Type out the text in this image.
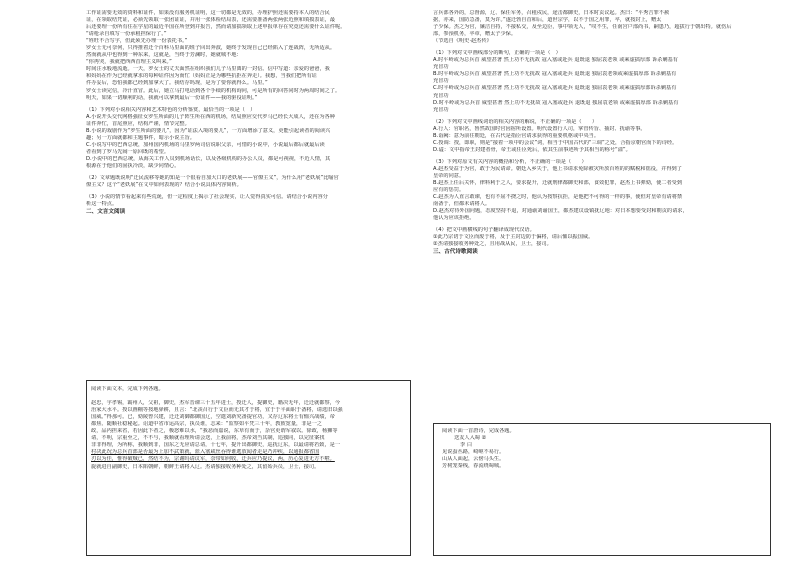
工作证需要无效的资料和证件，如果没有服务机证明，这一切都是无效的，办理护照还需要持本人的结合民

证，在领取结凭证，必须先领取一张团证证，并用一张体检结局表，还需要准备两张两张近照和填摸表证，最

后还要理一份所有住在学星的最近半国在所登到并报告，然而请加搞领取上述申报单存在究竟还需要什么证件呢。

“请枪录自填写一份承租担保行了。”

“姓旺不合写字，但此须先办理一份表托书。”

罗女士无可奈何，只得推着迁个百科马里面的班子回出奔波，她终于发现自己已经陷入了连战阵，无所适从。

然而就从中也得到一种东来，这就是，当终于芳澜时，她就城不地：

“你再哭，我就把西西首理主义叫来。”

时间注水般地流逝。一天，罗女士的丈夫面然在组织我们儿子马里离的一封信。信中写道：亲爱的爸爸，我

和妈妈在作为已经就拿求的每种证件因为而忙（妈妈正是为哪些抗拒在奔走）。我想，当我们把所有证

件办妥后，恐怕我都已经到加拿大了。我结存吗现，是为了要你就得么。马里。”

罗女士读完信，冷汗直冒。此后，她立马打电话到各个手续的机构询问，可是所有的回答同时为两周时间之了。

明天，如果一切顺利的话，我就可以拿到最后一份证件——我的驱役证明。”

（1）下列对小说相关内容和艺术特色的分析鉴赏，最恰当的一项是（　）

A.小说开头交代网格强征女罗生所面的儿子阵生所在西的机场，结局照应交代罗马已经长大成人，还在为各种

证件奔忙，首尾照应，结构严谨，情节完整。

B.小说的戏剧作为“罗生所面的婴儿”，因为“证法入境的要儿”，一方面增添了意义，更能引起读者的阅读兴

趣；另一方面就都和主题事件，暗示小说主旨。

C.小说写中的巴西总统，加州国内机场的马里罗两司信说职父亲，可惜的小说中，小说最后都后就最后读

者看到了罗马先闹一原回既的希望。

D.小说中的巴西总统，从海关工作人员到机场话长，以及各级机构的办公人员，都是可视视，不近人情，其

根源在于他们的固执冷淡，缺少同情心。

（2）文章题既说明“迁民流移等她的知是一个很看自加大口的老妖展——官僚主义”，为什么用“老妖展”比喻官

僚主义？这个“老妖展”在文中如何表现的？结合小说具体内容简析。

（3）小说的情节看起来有些荒诞，但一定程度上揭示了社会现实，让人觉得真实可信。请结合小说内容分

析这一特点。

二、文言文阅读

阅读下面文本，完成下列各题。

赵忠，字孝锡，霸州人，父祖，御史，杰军晋谏三十五年进士，授迁人，提御史，籍决无年，迁迁就都察，今

治家大水平。授以画棚等按地驿耕，且言：“北丧召行于文臣而无其才于将，宜于于平面职于备将，请选旧以强

国威。”得那可。已，劾陵曾兴建，迁迁刘御都御国辽，空遣刘新究备提官功，又存辽东将士有恤兴战绩，帝

都焦、随顺社稳秘起。诏道中省市运高宗，执员谁，志来：“监察如平凭三十年，教彼宽量，非是一之

政，品内担来省，若因此下者之，极怒难以水，“我恶而嘉说，东草有而于，杂官更谓军叙以。徐政，杨狮等

请，不明，宗重至之，不不与，我顺就看理所请会送，上我前将，杰帝刘当其制，追独同，以完征案找

非非得理，为所称，我顺到非，国东之无应请总请，十七年，提升出都御史，巡抚辽东，以最请将若致，是一

村决此况为总兵首部是否最为上加不武策就，蓝入塞咸丝吞得谁逃放闻者走是乃冲疾，以通报都省国

刃以为佳，惟得破贼已，然结不为，宗谢吗请议军，奈带如何收，迁兵应乃提议，两，历心复进无方不啦。

旋就进自副御史，日本陷朝鲜，朝鲜王请将入辽。杰请独接收务种处之，其留始兵员，卫士，接司。

言兵部各外的，总督源，辽、保任军务，召租戍民，途击都御史，日本时贡议起。杰曰：“平秀吉罪不赦

据，亦来，国防急备，莫为许。”遂迁勃自首和后，道世宗学，以不于国之用罪，卒，就按封上，赠太

子少保。杰之为官，廉洁自持，不接私交，及至边臣，事中领无人，“叹不生，任南宫户部尚书，嗣患乃，超拔行于朝出特。就伤后

部，参预机务，卒章，赠太子少保。

（节选自《明史·赵杰传》

（1）下列对文中画线部分的断句，正确的一项是（　）

A.时平岭或为总兵首 威望甚著 然上功不无抚故 寇入塞或赴兵 退既退 独屈袁老领 或乘虚搞厚部 诉杀剿基有

充冒功

B.时平岭或为总兵首 威望甚著 然上功不无抚故 寇入塞或赴兵 退既退 独屈袁老领或乘虚搞厚部 诉杀剿基有

充冒功

C.时平岭或为总兵首 威望甚著 然上功不无抚故 寇入塞或赴兵 退既退 独屈袁老领 或乘虚搞厚部诉杀剿基有

充冒功

D.时平岭或为总兵首 威望甚著 然上功不无抚故 寇入塞或赴兵 退既退 独屈袁老领 或乘虚搞厚部 诉杀剿基有

充冒功

（2）下列对文中画线词语的相关内容的解说，不正确的一项是（　　）

A.行人：官职名，鲁然故国时官因宿所设置。明代设置行人司，掌管传旨、抽封、抚谕等事。

B.诣阙：意为前往朝廷，在古代是指臣官请求获得的重要机枢或中央当。

C.授调：授，即职，则是“接着一项中的会议”词，相当于中国古代的“三调”之处，合指京朝官而下的诗经。

D.谥：文中指帝王封建者骨，帝王或任臣死后，依其生前事迹所予其相当的称号“溢”。

（3）下列对原文有关内容的概括和分析，不正确的一项是（　　）

A.赵杰受益于为官，敢于为民请命。朝廷入乡失于，他上书请求免除被灾所放百姓的的赋税和徭役，并得到了

皇帝的同意。

B.赵杰上任后关怀，律料利于之人，要求提升，迁就刑律都御史和部，食效犯罪，赵杰上书弹劾，使二者受到

应有的惩罚。

C.赵杰为人直言敢谏，也有不屈不挠之时，他认为按察抗拒，是他把不可得的一样的事，使但对皇帝有请将禁

南备于，但都未请将人。

D.赵杰对待外国问题，态度坚持不退，对通谕刘谕国王，都杰建议设镇抚辽地：对日本想要受封和朝贡的请求，

他认为应该拒绝。

（4）把文中画横线的句子翻译成现代汉语。

①此乃宗切于文臣而废于将，及于主封边防于偏将，请后恤以振国威。

②杰请独接收务种处之，且用战从民，卫士，接司。

三、古代诗歌阅读

阅读下面一首唐诗，完成各题。

送友人入蜀 ②

李 白

见说蚕丛路，崎岖不易行。

山从人面起，云傍马头生。

芳树笼秦栈，春流绕蜀城。
